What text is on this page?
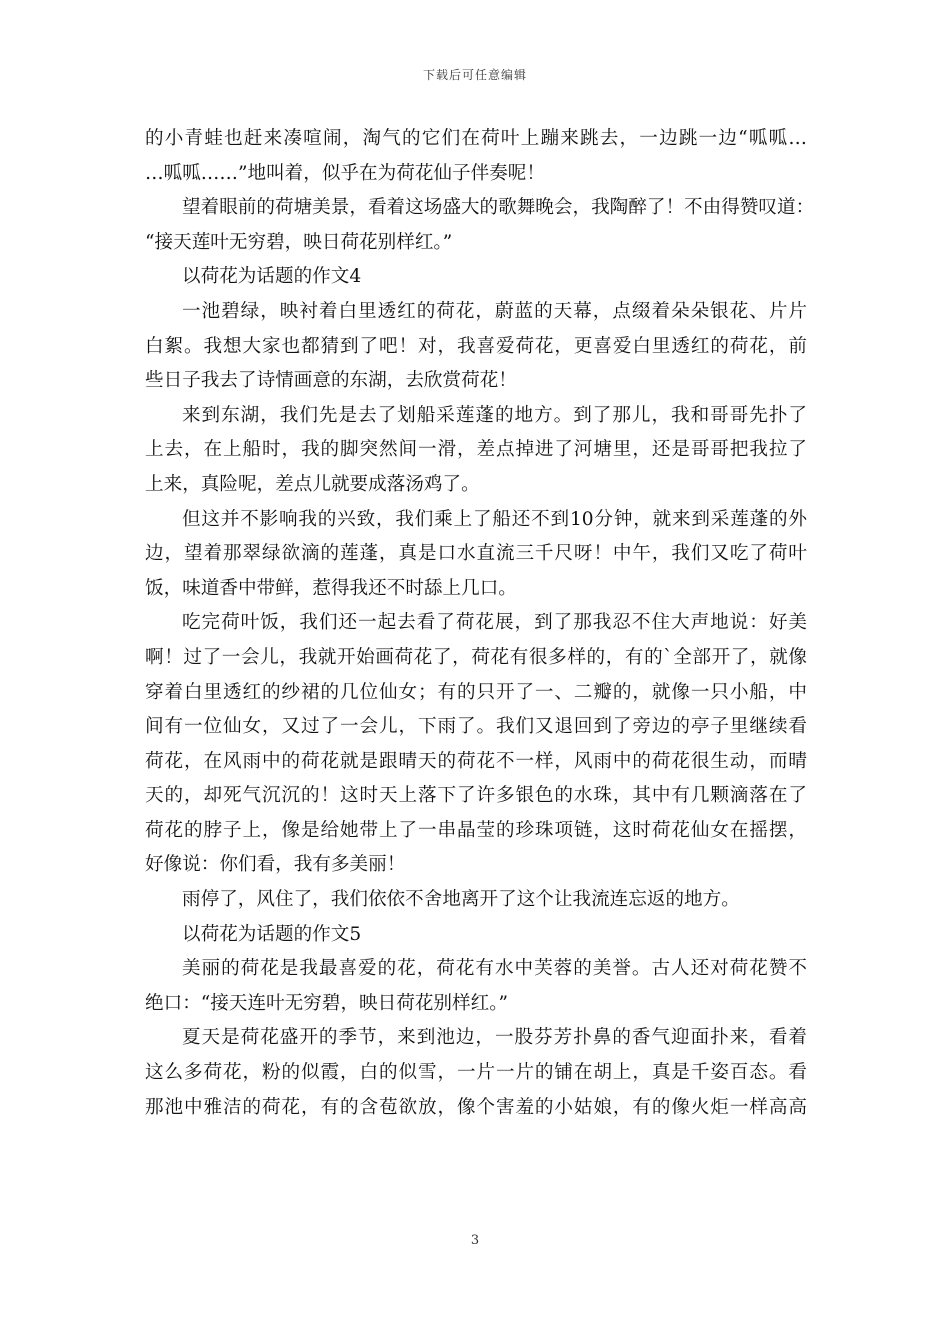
下载后可任意编辑
的小青蛙也赶来凑喧闹，淘气的它们在荷叶上蹦来跳去，一边跳一边“呱呱…
…呱呱……”地叫着，似乎在为荷花仙子伴奏呢！
望着眼前的荷塘美景，看着这场盛大的歌舞晚会，我陶醉了！不由得赞叹道：
“接天莲叶无穷碧，映日荷花别样红。”
以荷花为话题的作文4
一池碧绿，映衬着白里透红的荷花，蔚蓝的天幕，点缀着朵朵银花、片片
白絮。我想大家也都猜到了吧！对，我喜爱荷花，更喜爱白里透红的荷花，前
些日子我去了诗情画意的东湖，去欣赏荷花！
来到东湖，我们先是去了划船采莲蓬的地方。到了那儿，我和哥哥先扑了
上去，在上船时，我的脚突然间一滑，差点掉进了河塘里，还是哥哥把我拉了
上来，真险呢，差点儿就要成落汤鸡了。
但这并不影响我的兴致，我们乘上了船还不到10分钟，就来到采莲蓬的外
边，望着那翠绿欲滴的莲蓬，真是口水直流三千尺呀！中午，我们又吃了荷叶
饭，味道香中带鲜，惹得我还不时舔上几口。
吃完荷叶饭，我们还一起去看了荷花展，到了那我忍不住大声地说：好美
啊！过了一会儿，我就开始画荷花了，荷花有很多样的，有的`全部开了，就像
穿着白里透红的纱裙的几位仙女；有的只开了一、二瓣的，就像一只小船，中
间有一位仙女，又过了一会儿，下雨了。我们又退回到了旁边的亭子里继续看
荷花，在风雨中的荷花就是跟晴天的荷花不一样，风雨中的荷花很生动，而晴
天的，却死气沉沉的！这时天上落下了许多银色的水珠，其中有几颗滴落在了
荷花的脖子上，像是给她带上了一串晶莹的珍珠项链，这时荷花仙女在摇摆，
好像说：你们看，我有多美丽！
雨停了，风住了，我们依依不舍地离开了这个让我流连忘返的地方。
以荷花为话题的作文5
美丽的荷花是我最喜爱的花，荷花有水中芙蓉的美誉。古人还对荷花赞不
绝口：“接天连叶无穷碧，映日荷花别样红。”
夏天是荷花盛开的季节，来到池边，一股芬芳扑鼻的香气迎面扑来，看着
这么多荷花，粉的似霞，白的似雪，一片一片的铺在胡上，真是千姿百态。看
那池中雅洁的荷花，有的含苞欲放，像个害羞的小姑娘，有的像火炬一样高高
3
